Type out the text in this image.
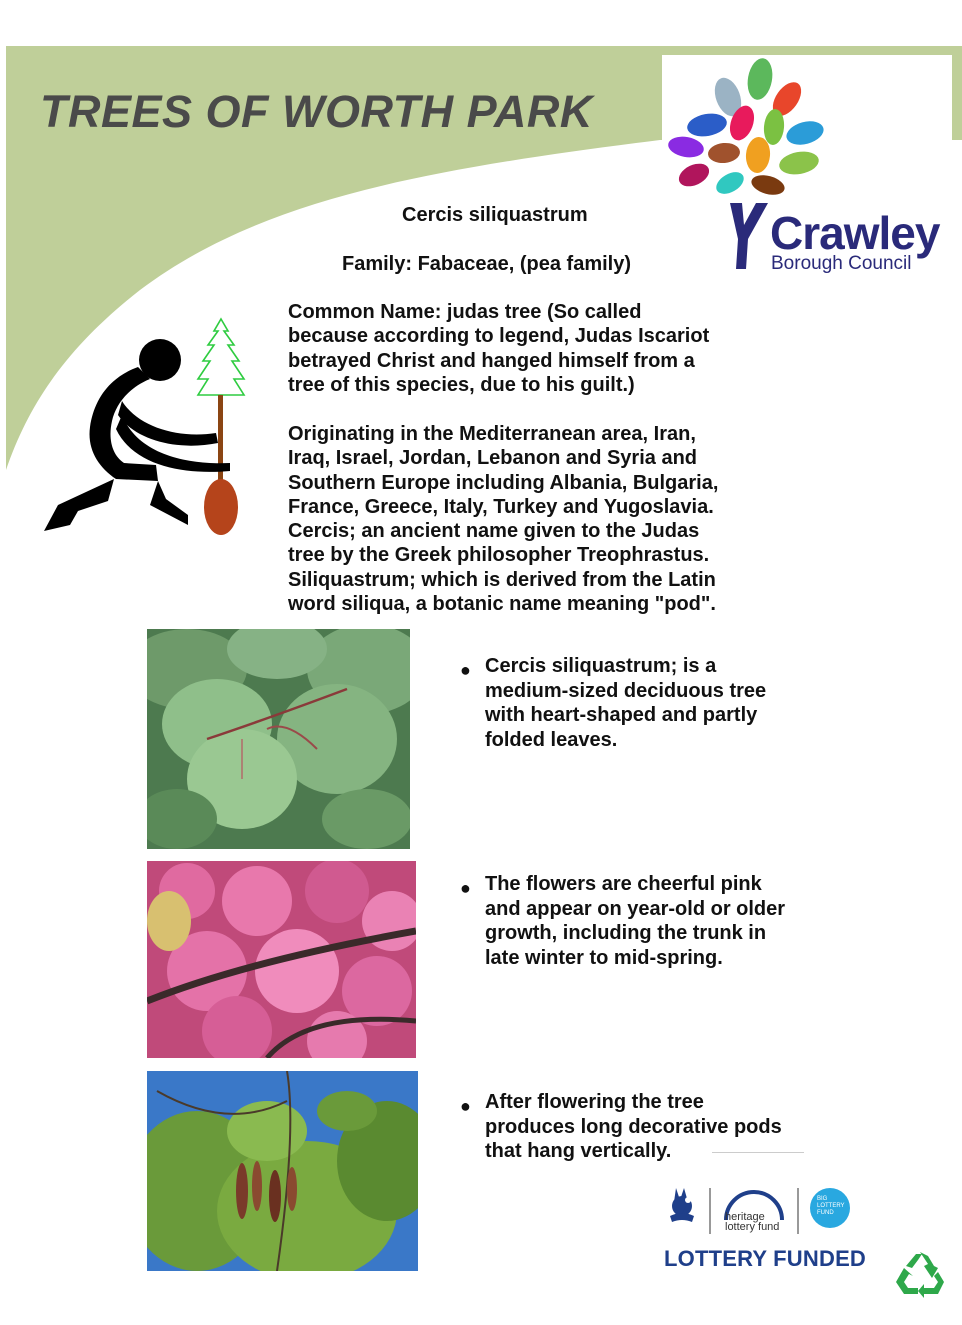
TREES OF WORTH PARK
Crawley
Borough Council
Cercis siliquastrum
Family: Fabaceae, (pea family)
Common Name: judas tree (So called
because according to legend, Judas Iscariot
betrayed Christ and hanged himself from a
tree of this species, due to his guilt.)
Originating in the Mediterranean area, Iran,
Iraq, Israel, Jordan, Lebanon and Syria and
Southern Europe including Albania, Bulgaria,
France, Greece, Italy, Turkey and Yugoslavia.
Cercis; an ancient name given to the Judas
tree by the Greek philosopher Treophrastus.
Siliquastrum; which is derived from the Latin
word siliqua, a botanic name meaning "pod".
● Cercis siliquastrum; is a
medium-sized deciduous tree
with heart-shaped and partly
folded leaves.
● The flowers are cheerful pink
and appear on year-old or older
growth, including the trunk in
late winter to mid-spring.
● After flowering the tree
produces long decorative pods
that hang vertically.
heritage
lottery fund
BIG
LOTTERY
FUND
LOTTERY FUNDED
